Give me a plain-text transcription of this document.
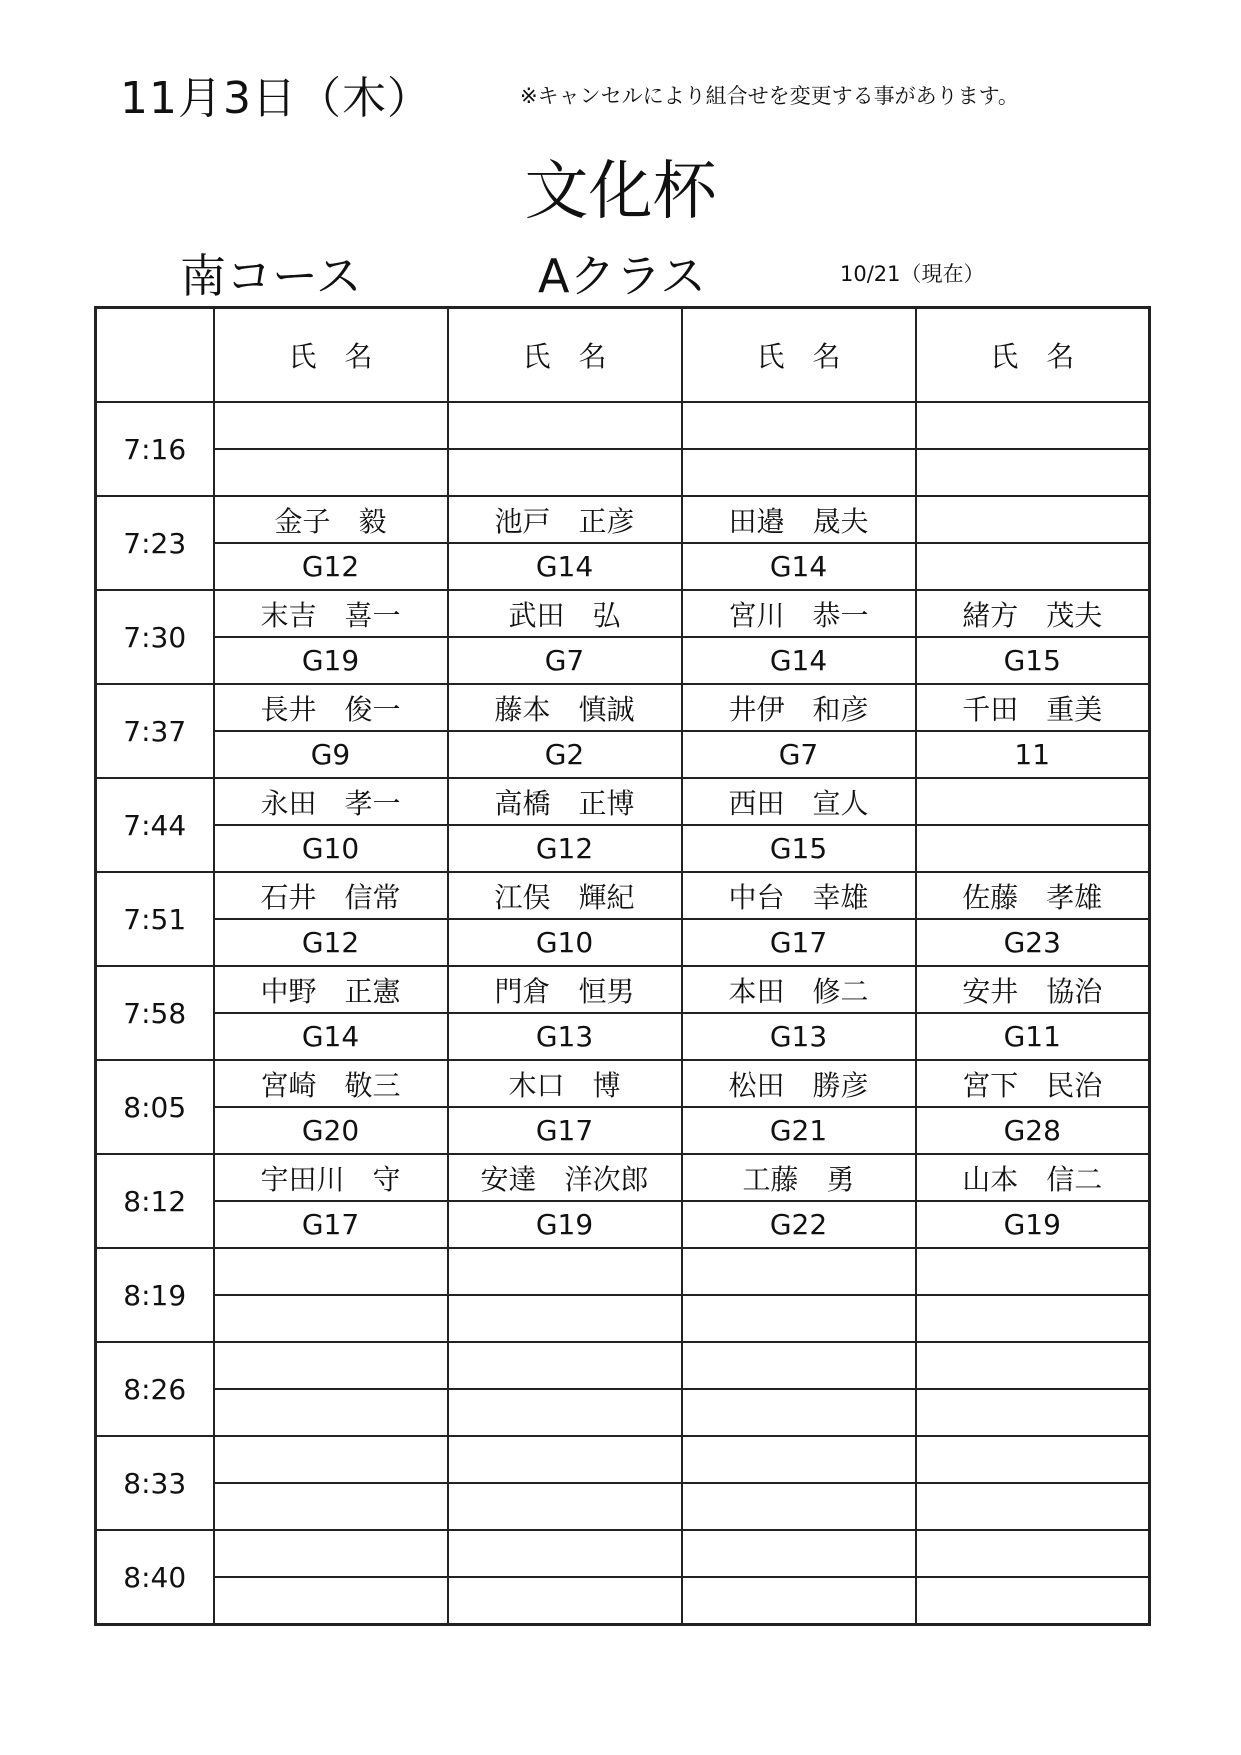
11月3日（木）	※キャンセルにより組合せを変更する事があります。
文化杯
南コース	Aクラス	10/21（現在）
	氏　名	氏　名	氏　名	氏　名
7:16				

7:23	金子　毅	池戸　正彦	田邉　晟夫	
	G12	G14	G14	
7:30	末吉　喜一	武田　弘	宮川　恭一	緒方　茂夫
	G19	G7	G14	G15
7:37	長井　俊一	藤本　慎誠	井伊　和彦	千田　重美
	G9	G2	G7	11
7:44	永田　孝一	高橋　正博	西田　宣人	
	G10	G12	G15	
7:51	石井　信常	江俣　輝紀	中台　幸雄	佐藤　孝雄
	G12	G10	G17	G23
7:58	中野　正憲	門倉　恒男	本田　修二	安井　協治
	G14	G13	G13	G11
8:05	宮崎　敬三	木口　博	松田　勝彦	宮下　民治
	G20	G17	G21	G28
8:12	宇田川　守	安達　洋次郎	工藤　勇	山本　信二
	G17	G19	G22	G19
8:19				

8:26				

8:33				

8:40				
